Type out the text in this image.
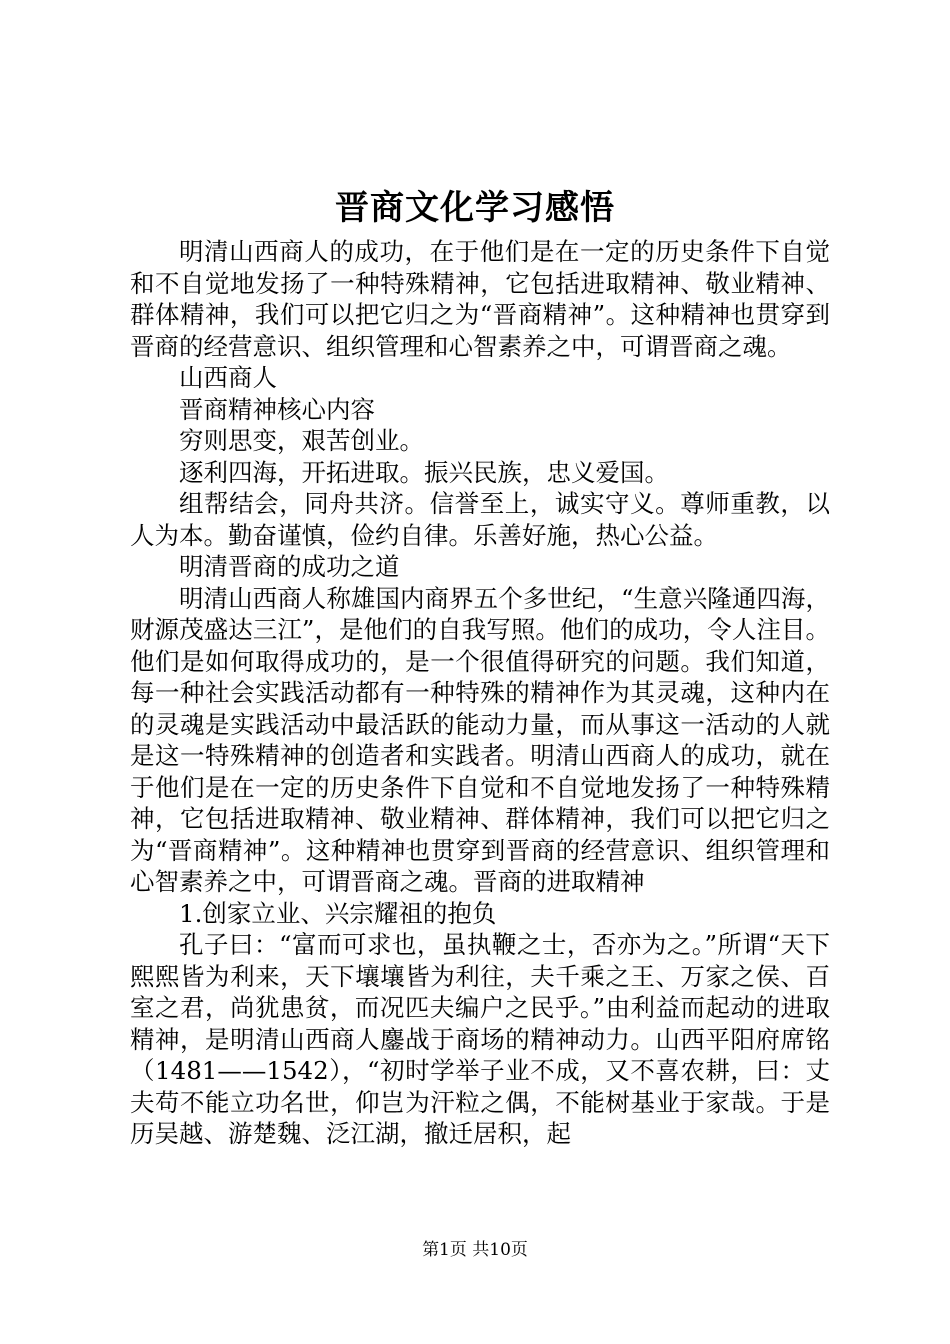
晋商文化学习感悟

明清山西商人的成功，在于他们是在一定的历史条件下自觉和不自觉地发扬了一种特殊精神，它包括进取精神、敬业精神、群体精神，我们可以把它归之为“晋商精神”。这种精神也贯穿到晋商的经营意识、组织管理和心智素养之中，可谓晋商之魂。

山西商人

晋商精神核心内容

穷则思变，艰苦创业。

逐利四海，开拓进取。振兴民族，忠义爱国。

组帮结会，同舟共济。信誉至上，诚实守义。尊师重教，以人为本。勤奋谨慎，俭约自律。乐善好施，热心公益。

明清晋商的成功之道

明清山西商人称雄国内商界五个多世纪，“生意兴隆通四海，财源茂盛达三江”，是他们的自我写照。他们的成功，令人注目。他们是如何取得成功的，是一个很值得研究的问题。我们知道，每一种社会实践活动都有一种特殊的精神作为其灵魂，这种内在的灵魂是实践活动中最活跃的能动力量，而从事这一活动的人就是这一特殊精神的创造者和实践者。明清山西商人的成功，就在于他们是在一定的历史条件下自觉和不自觉地发扬了一种特殊精神，它包括进取精神、敬业精神、群体精神，我们可以把它归之为“晋商精神”。这种精神也贯穿到晋商的经营意识、组织管理和心智素养之中，可谓晋商之魂。晋商的进取精神

1.创家立业、兴宗耀祖的抱负

孔子曰：“富而可求也，虽执鞭之士，否亦为之。”所谓“天下熙熙皆为利来，天下壤壤皆为利往，夫千乘之王、万家之侯、百室之君，尚犹患贫，而况匹夫编户之民乎。”由利益而起动的进取精神，是明清山西商人鏖战于商场的精神动力。山西平阳府席铭（1481——1542），“初时学举子业不成，又不喜农耕，曰：丈夫苟不能立功名世，仰岂为汗粒之偶，不能树基业于家哉。于是历吴越、游楚魏、泛江湖，撤迁居积，起

第1页 共10页
